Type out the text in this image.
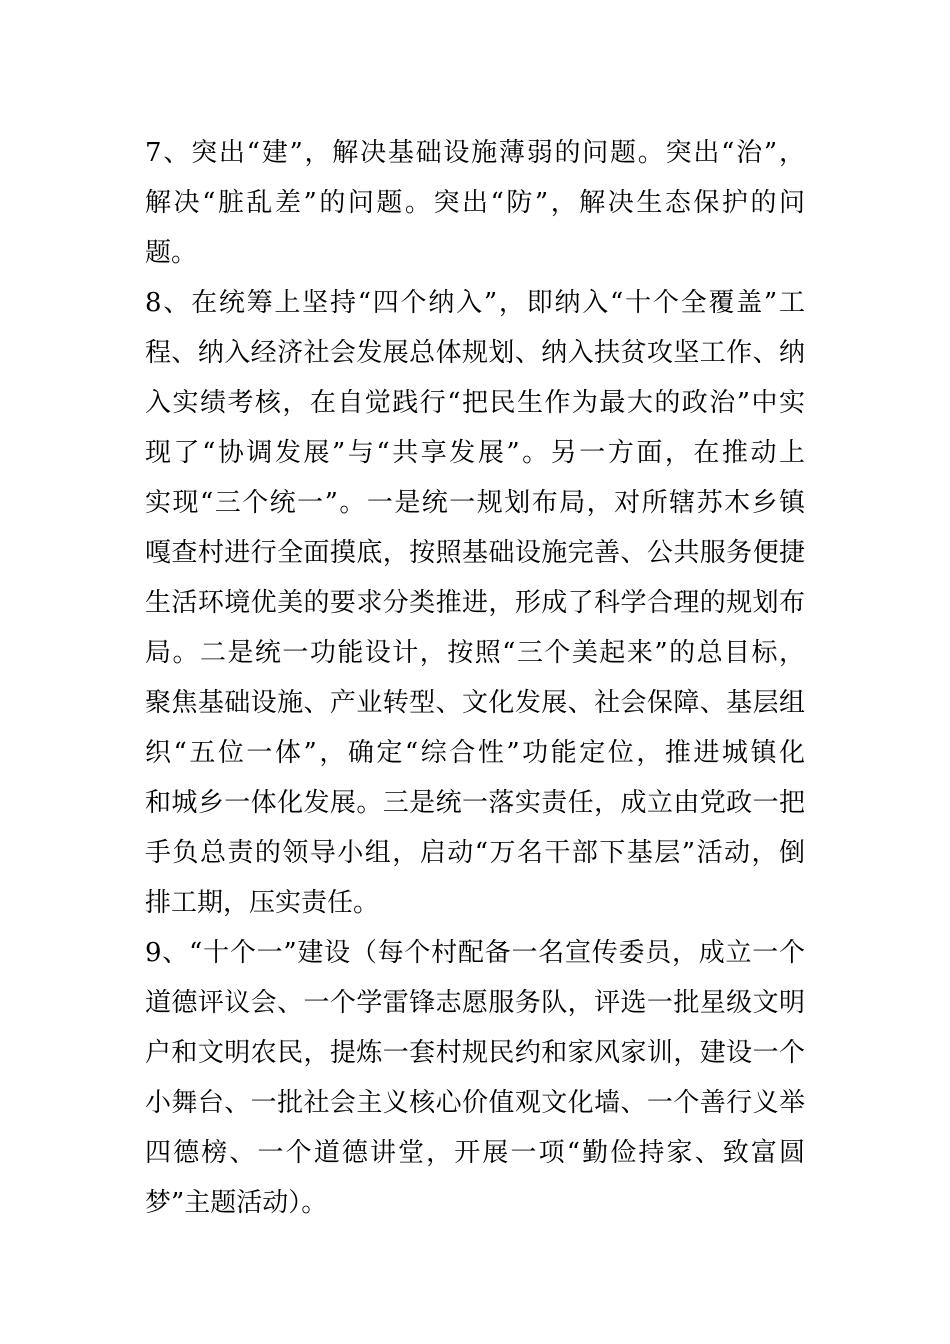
7、突出“建”，解决基础设施薄弱的问题。突出“治”，
解决“脏乱差”的问题。突出“防”，解决生态保护的问
题。
8、在统筹上坚持“四个纳入”，即纳入“十个全覆盖”工
程、纳入经济社会发展总体规划、纳入扶贫攻坚工作、纳
入实绩考核，在自觉践行“把民生作为最大的政治”中实
现了“协调发展”与“共享发展”。另一方面，在推动上
实现“三个统一”。一是统一规划布局，对所辖苏木乡镇
嘎查村进行全面摸底，按照基础设施完善、公共服务便捷
生活环境优美的要求分类推进，形成了科学合理的规划布
局。二是统一功能设计，按照“三个美起来”的总目标，
聚焦基础设施、产业转型、文化发展、社会保障、基层组
织“五位一体”，确定“综合性”功能定位，推进城镇化
和城乡一体化发展。三是统一落实责任，成立由党政一把
手负总责的领导小组，启动“万名干部下基层”活动，倒
排工期，压实责任。
9、“十个一”建设（每个村配备一名宣传委员，成立一个
道德评议会、一个学雷锋志愿服务队，评选一批星级文明
户和文明农民，提炼一套村规民约和家风家训，建设一个
小舞台、一批社会主义核心价值观文化墙、一个善行义举
四德榜、一个道德讲堂，开展一项“勤俭持家、致富圆
梦”主题活动）。
